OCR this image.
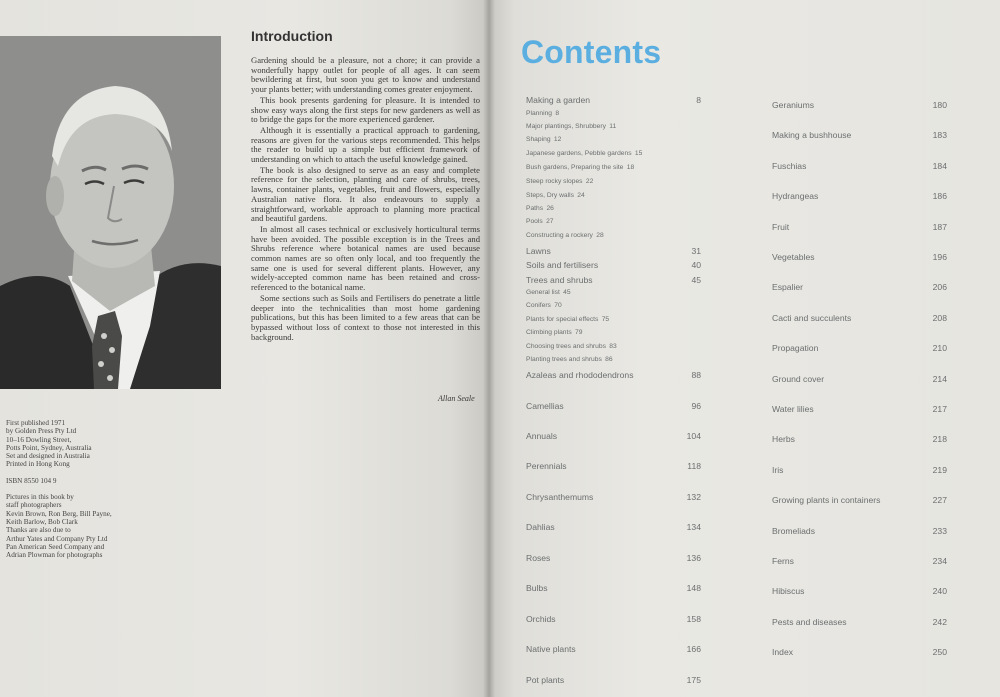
Introduction

Gardening should be a pleasure, not a chore; it can provide a wonderfully happy outlet for people of all ages. It can seem bewildering at first, but soon you get to know and understand your plants better; with understanding comes greater enjoyment.

This book presents gardening for pleasure. It is intended to show easy ways along the first steps for new gardeners as well as to bridge the gaps for the more experienced gardener.

Although it is essentially a practical approach to gardening, reasons are given for the various steps recommended. This helps the reader to build up a simple but efficient framework of understanding on which to attach the useful knowledge gained.

The book is also designed to serve as an easy and complete reference for the selection, planting and care of shrubs, trees, lawns, container plants, vegetables, fruit and flowers, especially Australian native flora. It also endeavours to supply a straightforward, workable approach to planning more practical and beautiful gardens.

In almost all cases technical or exclusively horticultural terms have been avoided. The possible exception is in the Trees and Shrubs reference where botanical names are used because common names are so often only local, and too frequently the same one is used for several different plants. However, any widely-accepted common name has been retained and cross-referenced to the botanical name.

Some sections such as Soils and Fertilisers do penetrate a little deeper into the technicalities than most home gardening publications, but this has been limited to a few areas that can be bypassed without loss of context to those not interested in this background.

Allan Seale
First published 1971
by Golden Press Pty Ltd
10–16 Dowling Street,
Potts Point, Sydney, Australia
Set and designed in Australia
Printed in Hong Kong
ISBN 8550 104 9
Pictures in this book by
staff photographers
Kevin Brown, Ron Berg, Bill Payne,
Keith Barlow, Bob Clark
Thanks are also due to
Arthur Yates and Company Pty Ltd
Pan American Seed Company and
Adrian Plowman for photographs
Contents
Making a garden	8
Planning 8
Major plantings, Shrubbery 11
Shaping 12
Japanese gardens, Pebble gardens 15
Bush gardens, Preparing the site 18
Steep rocky slopes 22
Steps, Dry walls 24
Paths 26
Pools 27
Constructing a rockery 28
Lawns	31
Soils and fertilisers	40
Trees and shrubs	45
General list 45
Conifers 70
Plants for special effects 75
Climbing plants 79
Choosing trees and shrubs 83
Planting trees and shrubs 86
Azaleas and rhododendrons	88
Camellias	96
Annuals	104
Perennials	118
Chrysanthemums	132
Dahlias	134
Roses	136
Bulbs	148
Orchids	158
Native plants	166
Pot plants	175
Geraniums	180
Making a bushhouse	183
Fuschias	184
Hydrangeas	186
Fruit	187
Vegetables	196
Espalier	206
Cacti and succulents	208
Propagation	210
Ground cover	214
Water lilies	217
Herbs	218
Iris	219
Growing plants in containers	227
Bromeliads	233
Ferns	234
Hibiscus	240
Pests and diseases	242
Index	250
